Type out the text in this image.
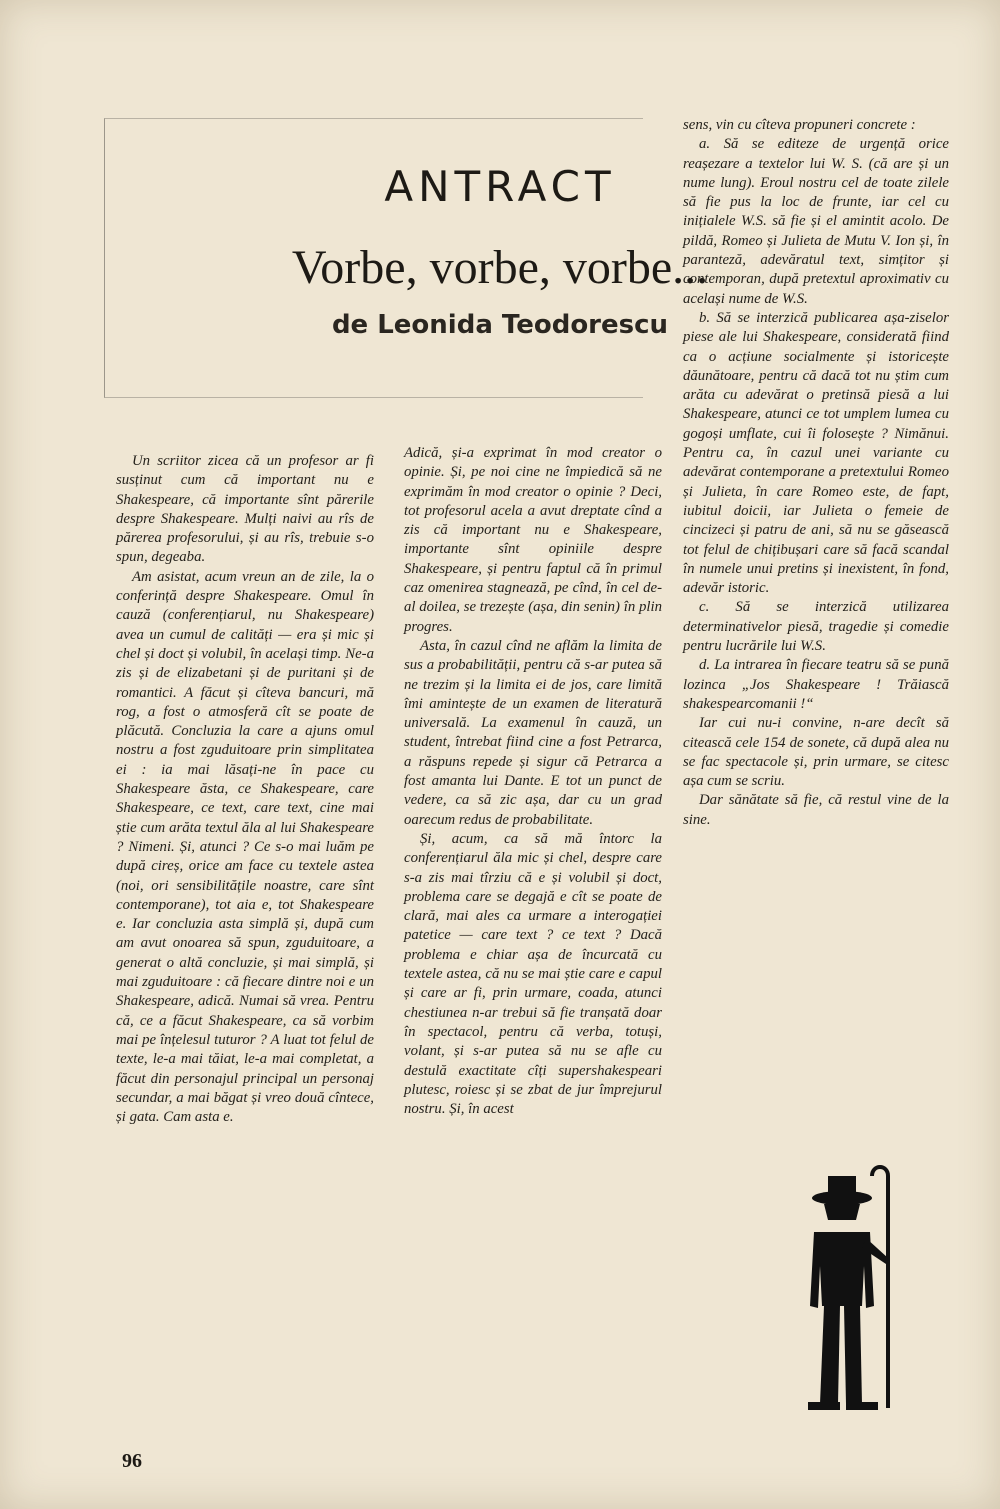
ANTRACT
Vorbe, vorbe, vorbe...
de Leonida Teodorescu

Un scriitor zicea că un profesor ar fi susținut cum că important nu e Shakespeare, că importante sînt părerile despre Shakespeare. Mulți naivi au rîs de părerea profesorului, și au rîs, trebuie s-o spun, degeaba.

Am asistat, acum vreun an de zile, la o conferință despre Shakespeare. Omul în cauză (conferențiarul, nu Shakespeare) avea un cumul de calități — era și mic și chel și doct și volubil, în același timp. Ne-a zis și de elizabetani și de puritani și de romantici. A făcut și cîteva bancuri, mă rog, a fost o atmosferă cît se poate de plăcută. Concluzia la care a ajuns omul nostru a fost zguduitoare prin simplitatea ei : ia mai lăsați-ne în pace cu Shakespeare ăsta, ce Shakespeare, care Shakespeare, ce text, care text, cine mai știe cum arăta textul ăla al lui Shakespeare ? Nimeni. Și, atunci ? Ce s-o mai luăm pe după cireș, orice am face cu textele astea (noi, ori sensibilitățile noastre, care sînt contemporane), tot aia e, tot Shakespeare e. Iar concluzia asta simplă și, după cum am avut onoarea să spun, zguduitoare, a generat o altă concluzie, și mai simplă, și mai zguduitoare : că fiecare dintre noi e un Shakespeare, adică. Numai să vrea. Pentru că, ce a făcut Shakespeare, ca să vorbim mai pe înțelesul tuturor ? A luat tot felul de texte, le-a mai tăiat, le-a mai completat, a făcut din personajul principal un personaj secundar, a mai băgat și vreo două cîntece, și gata. Cam asta e.

Adică, și-a exprimat în mod creator o opinie. Și, pe noi cine ne împiedică să ne exprimăm în mod creator o opinie ? Deci, tot profesorul acela a avut dreptate cînd a zis că important nu e Shakespeare, importante sînt opiniile despre Shakespeare, și pentru faptul că în primul caz omenirea stagnează, pe cînd, în cel de-al doilea, se trezește (așa, din senin) în plin progres.

Asta, în cazul cînd ne aflăm la limita de sus a probabilității, pentru că s-ar putea să ne trezim și la limita ei de jos, care limită îmi amintește de un examen de literatură universală. La examenul în cauză, un student, întrebat fiind cine a fost Petrarca, a răspuns repede și sigur că Petrarca a fost amanta lui Dante. E tot un punct de vedere, ca să zic așa, dar cu un grad oarecum redus de probabilitate.

Și, acum, ca să mă întorc la conferențiarul ăla mic și chel, despre care s-a zis mai tîrziu că e și volubil și doct, problema care se degajă e cît se poate de clară, mai ales ca urmare a interogației patetice — care text ? ce text ? Dacă problema e chiar așa de încurcată cu textele astea, că nu se mai știe care e capul și care ar fi, prin urmare, coada, atunci chestiunea n-ar trebui să fie tranșată doar în spectacol, pentru că verba, totuși, volant, și s-ar putea să nu se afle cu destulă exactitate cîți supershakespeari plutesc, roiesc și se zbat de jur împrejurul nostru. Și, în acest

sens, vin cu cîteva propuneri concrete :

a. Să se editeze de urgență orice reașezare a textelor lui W. S. (că are și un nume lung). Eroul nostru cel de toate zilele să fie pus la loc de frunte, iar cel cu inițialele W.S. să fie și el amintit acolo. De pildă, Romeo și Julieta de Mutu V. Ion și, în paranteză, adevăratul text, simțitor și contemporan, după pretextul aproximativ cu același nume de W.S.

b. Să se interzică publicarea așa-ziselor piese ale lui Shakespeare, considerată fiind ca o acțiune socialmente și istoricește dăunătoare, pentru că dacă tot nu știm cum arăta cu adevărat o pretinsă piesă a lui Shakespeare, atunci ce tot umplem lumea cu gogoși umflate, cui îi folosește ? Nimănui. Pentru ca, în cazul unei variante cu adevărat contemporane a pretextului Romeo și Julieta, în care Romeo este, de fapt, iubitul doicii, iar Julieta o femeie de cincizeci și patru de ani, să nu se găsească tot felul de chițibușari care să facă scandal în numele unui pretins și inexistent, în fond, adevăr istoric.

c. Să se interzică utilizarea determinativelor piesă, tragedie și comedie pentru lucrările lui W.S.

d. La intrarea în fiecare teatru să se pună lozinca „Jos Shakespeare ! Trăiască shakespearcomanii !“

Iar cui nu-i convine, n-are decît să citească cele 154 de sonete, că după alea nu se fac spectacole și, prin urmare, se citesc așa cum se scriu.

Dar sănătate să fie, că restul vine de la sine.

96
